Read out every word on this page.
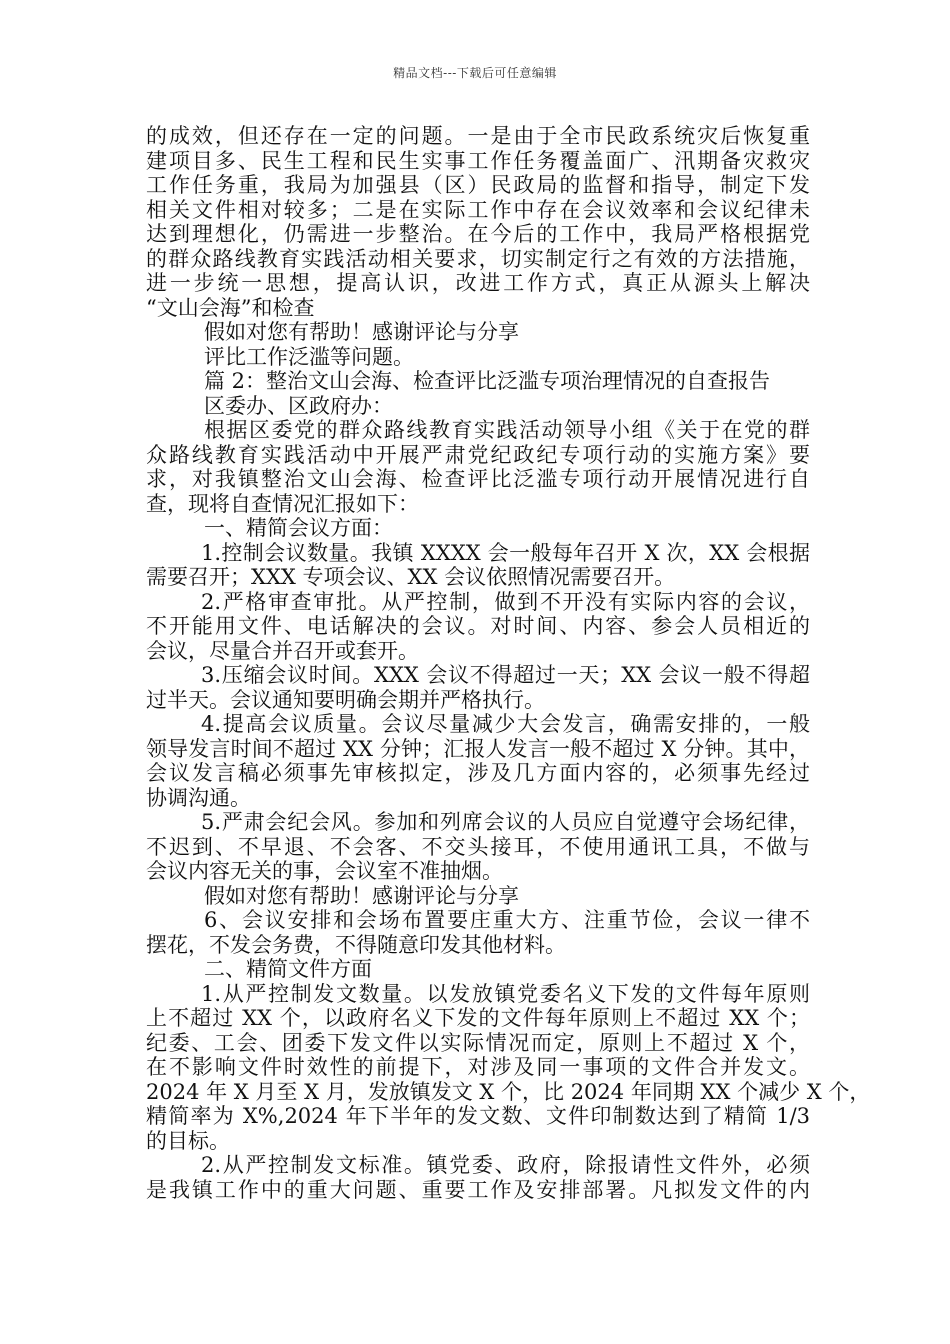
精品文档---下载后可任意编辑
的成效，但还存在一定的问题。一是由于全市民政系统灾后恢复重
建项目多、民生工程和民生实事工作任务覆盖面广、汛期备灾救灾
工作任务重，我局为加强县（区）民政局的监督和指导，制定下发
相关文件相对较多；二是在实际工作中存在会议效率和会议纪律未
达到理想化，仍需进一步整治。在今后的工作中，我局严格根据党
的群众路线教育实践活动相关要求，切实制定行之有效的方法措施，
进一步统一思想，提高认识，改进工作方式，真正从源头上解决
“文山会海”和检查
假如对您有帮助！感谢评论与分享
评比工作泛滥等问题。
篇 2：整治文山会海、检查评比泛滥专项治理情况的自查报告
区委办、区政府办：
根据区委党的群众路线教育实践活动领导小组《关于在党的群
众路线教育实践活动中开展严肃党纪政纪专项行动的实施方案》要
求，对我镇整治文山会海、检查评比泛滥专项行动开展情况进行自
查，现将自查情况汇报如下：
一、精简会议方面：
1.控制会议数量。我镇 XXXX 会一般每年召开 X 次，XX 会根据
需要召开；XXX 专项会议、XX 会议依照情况需要召开。
2.严格审查审批。从严控制，做到不开没有实际内容的会议，
不开能用文件、电话解决的会议。对时间、内容、参会人员相近的
会议，尽量合并召开或套开。
3.压缩会议时间。XXX 会议不得超过一天；XX 会议一般不得超
过半天。会议通知要明确会期并严格执行。
4.提高会议质量。会议尽量减少大会发言，确需安排的，一般
领导发言时间不超过 XX 分钟；汇报人发言一般不超过 X 分钟。其中，
会议发言稿必须事先审核拟定，涉及几方面内容的，必须事先经过
协调沟通。
5.严肃会纪会风。参加和列席会议的人员应自觉遵守会场纪律，
不迟到、不早退、不会客、不交头接耳，不使用通讯工具，不做与
会议内容无关的事，会议室不准抽烟。
假如对您有帮助！感谢评论与分享
6、会议安排和会场布置要庄重大方、注重节俭，会议一律不
摆花，不发会务费，不得随意印发其他材料。
二、精简文件方面
1.从严控制发文数量。以发放镇党委名义下发的文件每年原则
上不超过 XX 个，以政府名义下发的文件每年原则上不超过 XX 个；
纪委、工会、团委下发文件以实际情况而定，原则上不超过 X 个，
在不影响文件时效性的前提下，对涉及同一事项的文件合并发文。
2024 年 X 月至 X 月，发放镇发文 X 个，比 2024 年同期 XX 个减少 X 个，
精简率为 X%,2024 年下半年的发文数、文件印制数达到了精简 1/3
的目标。
2.从严控制发文标准。镇党委、政府，除报请性文件外，必须
是我镇工作中的重大问题、重要工作及安排部署。凡拟发文件的内
